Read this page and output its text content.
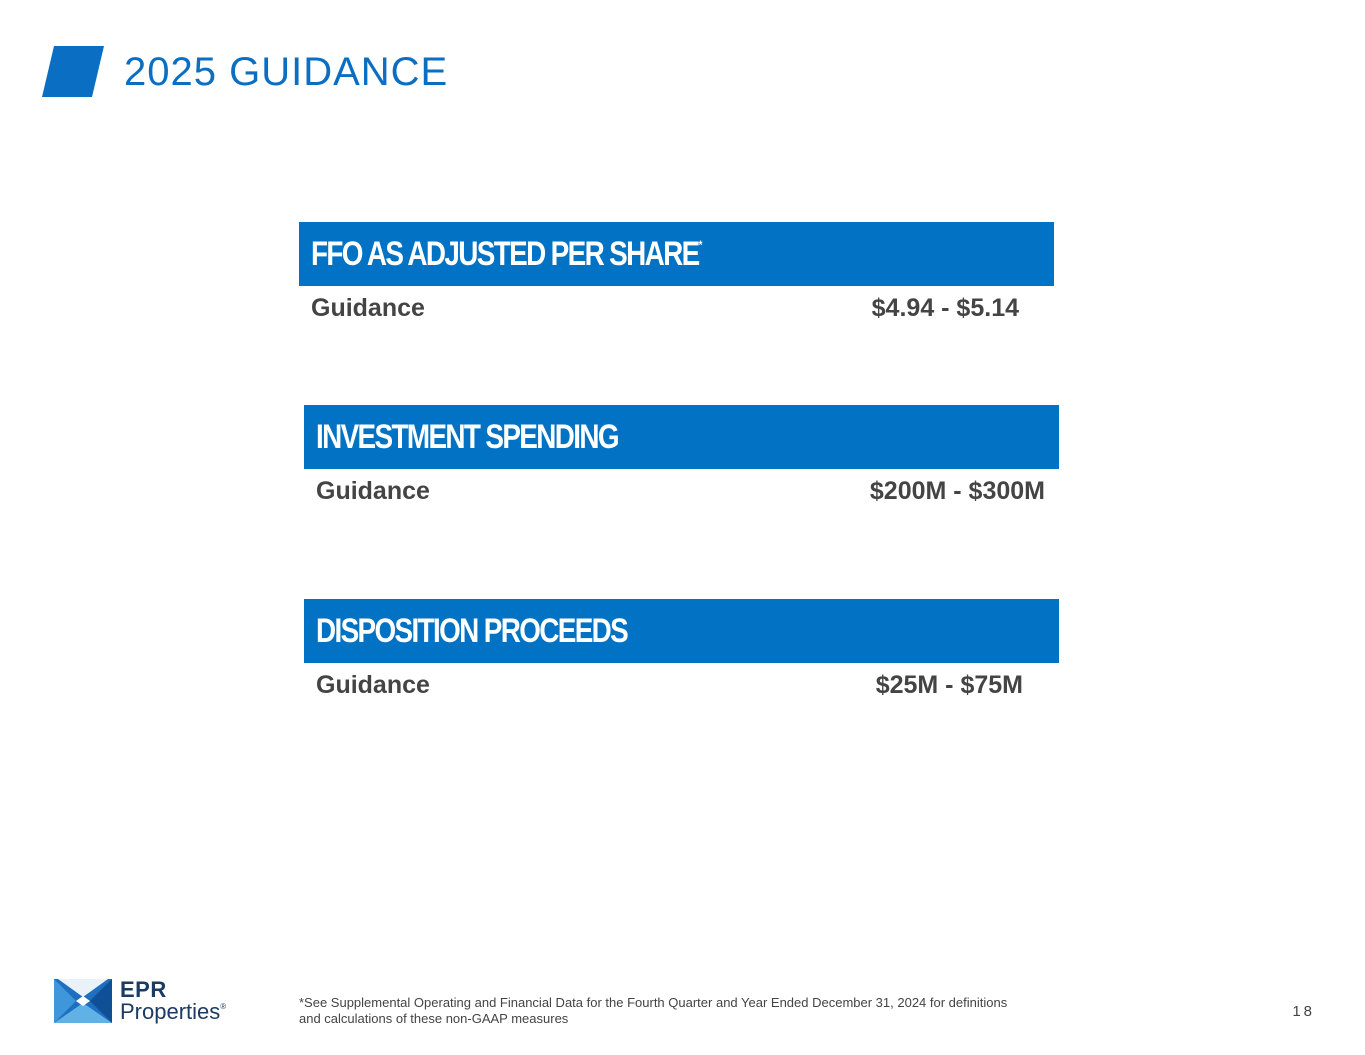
2025 GUIDANCE
FFO AS ADJUSTED PER SHARE*
Guidance	$4.94 - $5.14
INVESTMENT SPENDING
Guidance	$200M - $300M
DISPOSITION PROCEEDS
Guidance	$25M - $75M
EPR
Properties®	*See Supplemental Operating and Financial Data for the Fourth Quarter and Year Ended December 31, 2024 for definitions and calculations of these non-GAAP measures	18
